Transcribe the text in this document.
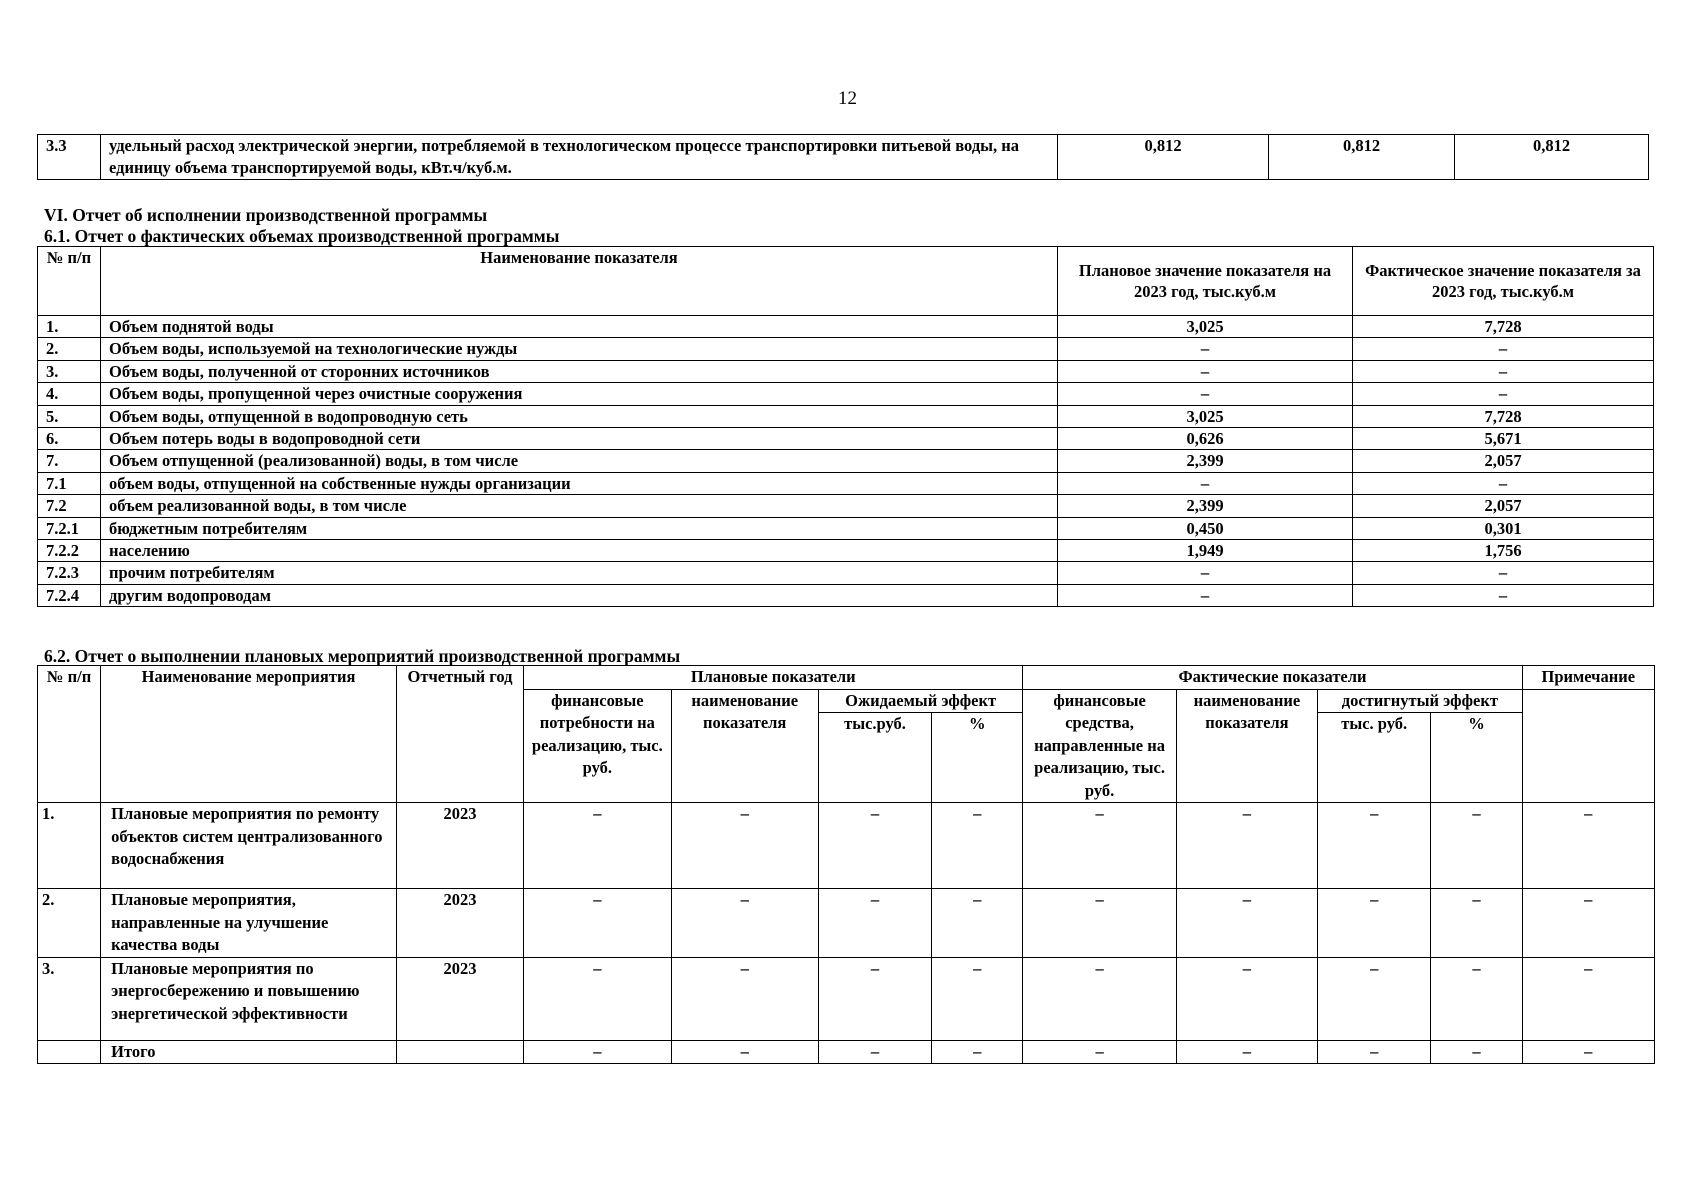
12
3.3	удельный расход электрической энергии, потребляемой в технологическом процессе транспортировки питьевой воды, на единицу объема транспортируемой воды, кВт.ч/куб.м.	0,812	0,812	0,812
VI. Отчет об исполнении производственной программы
6.1. Отчет о фактических объемах производственной программы
№ п/п	Наименование показателя	Плановое значение показателя на 2023 год, тыс.куб.м	Фактическое значение показателя за 2023 год, тыс.куб.м
1.	Объем поднятой воды	3,025	7,728
2.	Объем воды, используемой на технологические нужды	–	–
3.	Объем воды, полученной от сторонних источников	–	–
4.	Объем воды, пропущенной через очистные сооружения	–	–
5.	Объем воды, отпущенной в водопроводную сеть	3,025	7,728
6.	Объем потерь воды в водопроводной сети	0,626	5,671
7.	Объем отпущенной (реализованной) воды, в том числе	2,399	2,057
7.1	объем воды, отпущенной на собственные нужды организации	–	–
7.2	объем реализованной воды, в том числе	2,399	2,057
7.2.1	бюджетным потребителям	0,450	0,301
7.2.2	населению	1,949	1,756
7.2.3	прочим потребителям	–	–
7.2.4	другим водопроводам	–	–
6.2. Отчет о выполнении плановых мероприятий производственной программы
№ п/п	Наименование мероприятия	Отчетный год	Плановые показатели				Фактические показатели				Примечание
			финансовые потребности на реализацию, тыс. руб.	наименование показателя	Ожидаемый эффект		финансовые средства, направленные на реализацию, тыс. руб.	наименование показателя	достигнутый эффект		
					тыс.руб.	%			тыс. руб.	%	
1.	Плановые мероприятия по ремонту объектов систем централизованного водоснабжения	2023	–	–	–	–	–	–	–	–	–
2.	Плановые мероприятия, направленные на улучшение качества воды	2023	–	–	–	–	–	–	–	–	–
3.	Плановые мероприятия по энергосбережению и повышению энергетической эффективности	2023	–	–	–	–	–	–	–	–	–
	Итого		–	–	–	–	–	–	–	–	–
